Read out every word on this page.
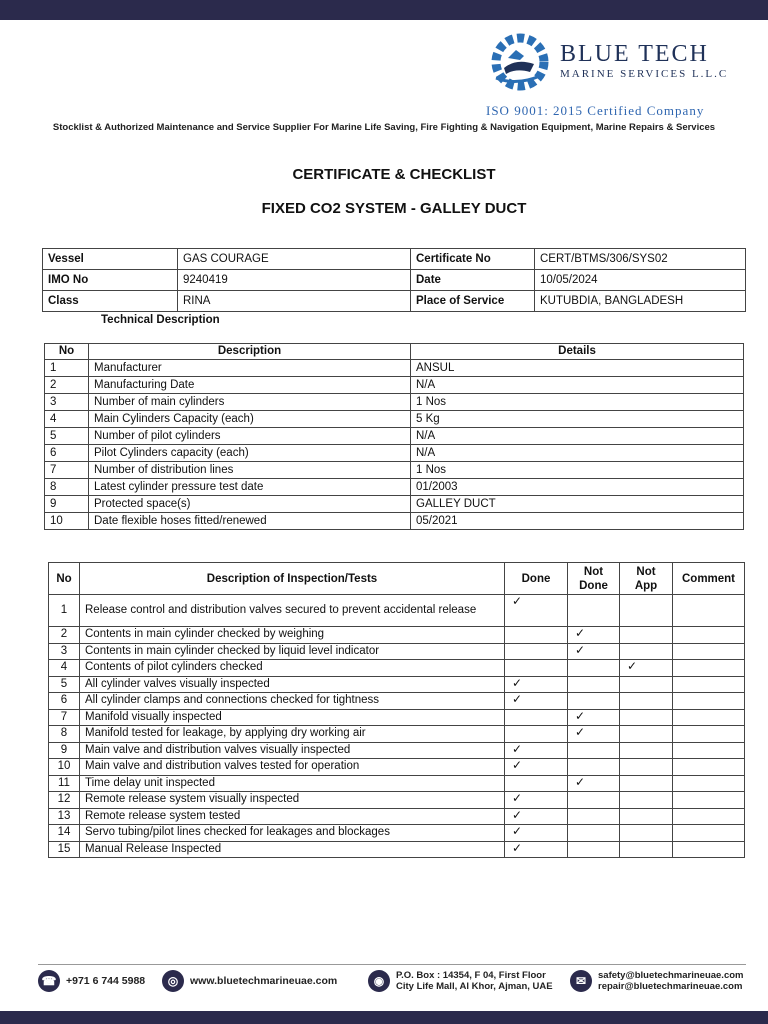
BLUE TECH
MARINE SERVICES L.L.C
ISO 9001: 2015 Certified Company
Stocklist & Authorized Maintenance and Service Supplier For Marine Life Saving, Fire Fighting & Navigation Equipment, Marine Repairs & Services
CERTIFICATE & CHECKLIST
FIXED CO2 SYSTEM - GALLEY DUCT
Vessel	GAS COURAGE	Certificate No	CERT/BTMS/306/SYS02
IMO No	9240419	Date	10/05/2024
Class	RINA	Place of Service	KUTUBDIA, BANGLADESH
Technical Description
No	Description	Details
1	Manufacturer	ANSUL
2	Manufacturing Date	N/A
3	Number of main cylinders	1 Nos
4	Main Cylinders Capacity (each)	5 Kg
5	Number of pilot cylinders	N/A
6	Pilot Cylinders capacity (each)	N/A
7	Number of distribution lines	1 Nos
8	Latest cylinder pressure test date	01/2003
9	Protected space(s)	GALLEY DUCT
10	Date flexible hoses fitted/renewed	05/2021
No	Description of Inspection/Tests	Done	Not Done	Not App	Comment
1	Release control and distribution valves secured to prevent accidental release	✓			
2	Contents in main cylinder checked by weighing		✓		
3	Contents in main cylinder checked by liquid level indicator		✓		
4	Contents of pilot cylinders checked			✓	
5	All cylinder valves visually inspected	✓			
6	All cylinder clamps and connections checked for tightness	✓			
7	Manifold visually inspected		✓		
8	Manifold tested for leakage, by applying dry working air		✓		
9	Main valve and distribution valves visually inspected	✓			
10	Main valve and distribution valves tested for operation	✓			
11	Time delay unit inspected		✓		
12	Remote release system visually inspected	✓			
13	Remote release system tested	✓			
14	Servo tubing/pilot lines checked for leakages and blockages	✓			
15	Manual Release Inspected	✓			
☎ +971 6 744 5988	◎	www.bluetechmarineuae.com	◉	P.O. Box : 14354, F 04, First Floor
City Life Mall, Al Khor, Ajman, UAE	✉	safety@bluetechmarineuae.com
repair@bluetechmarineuae.com
